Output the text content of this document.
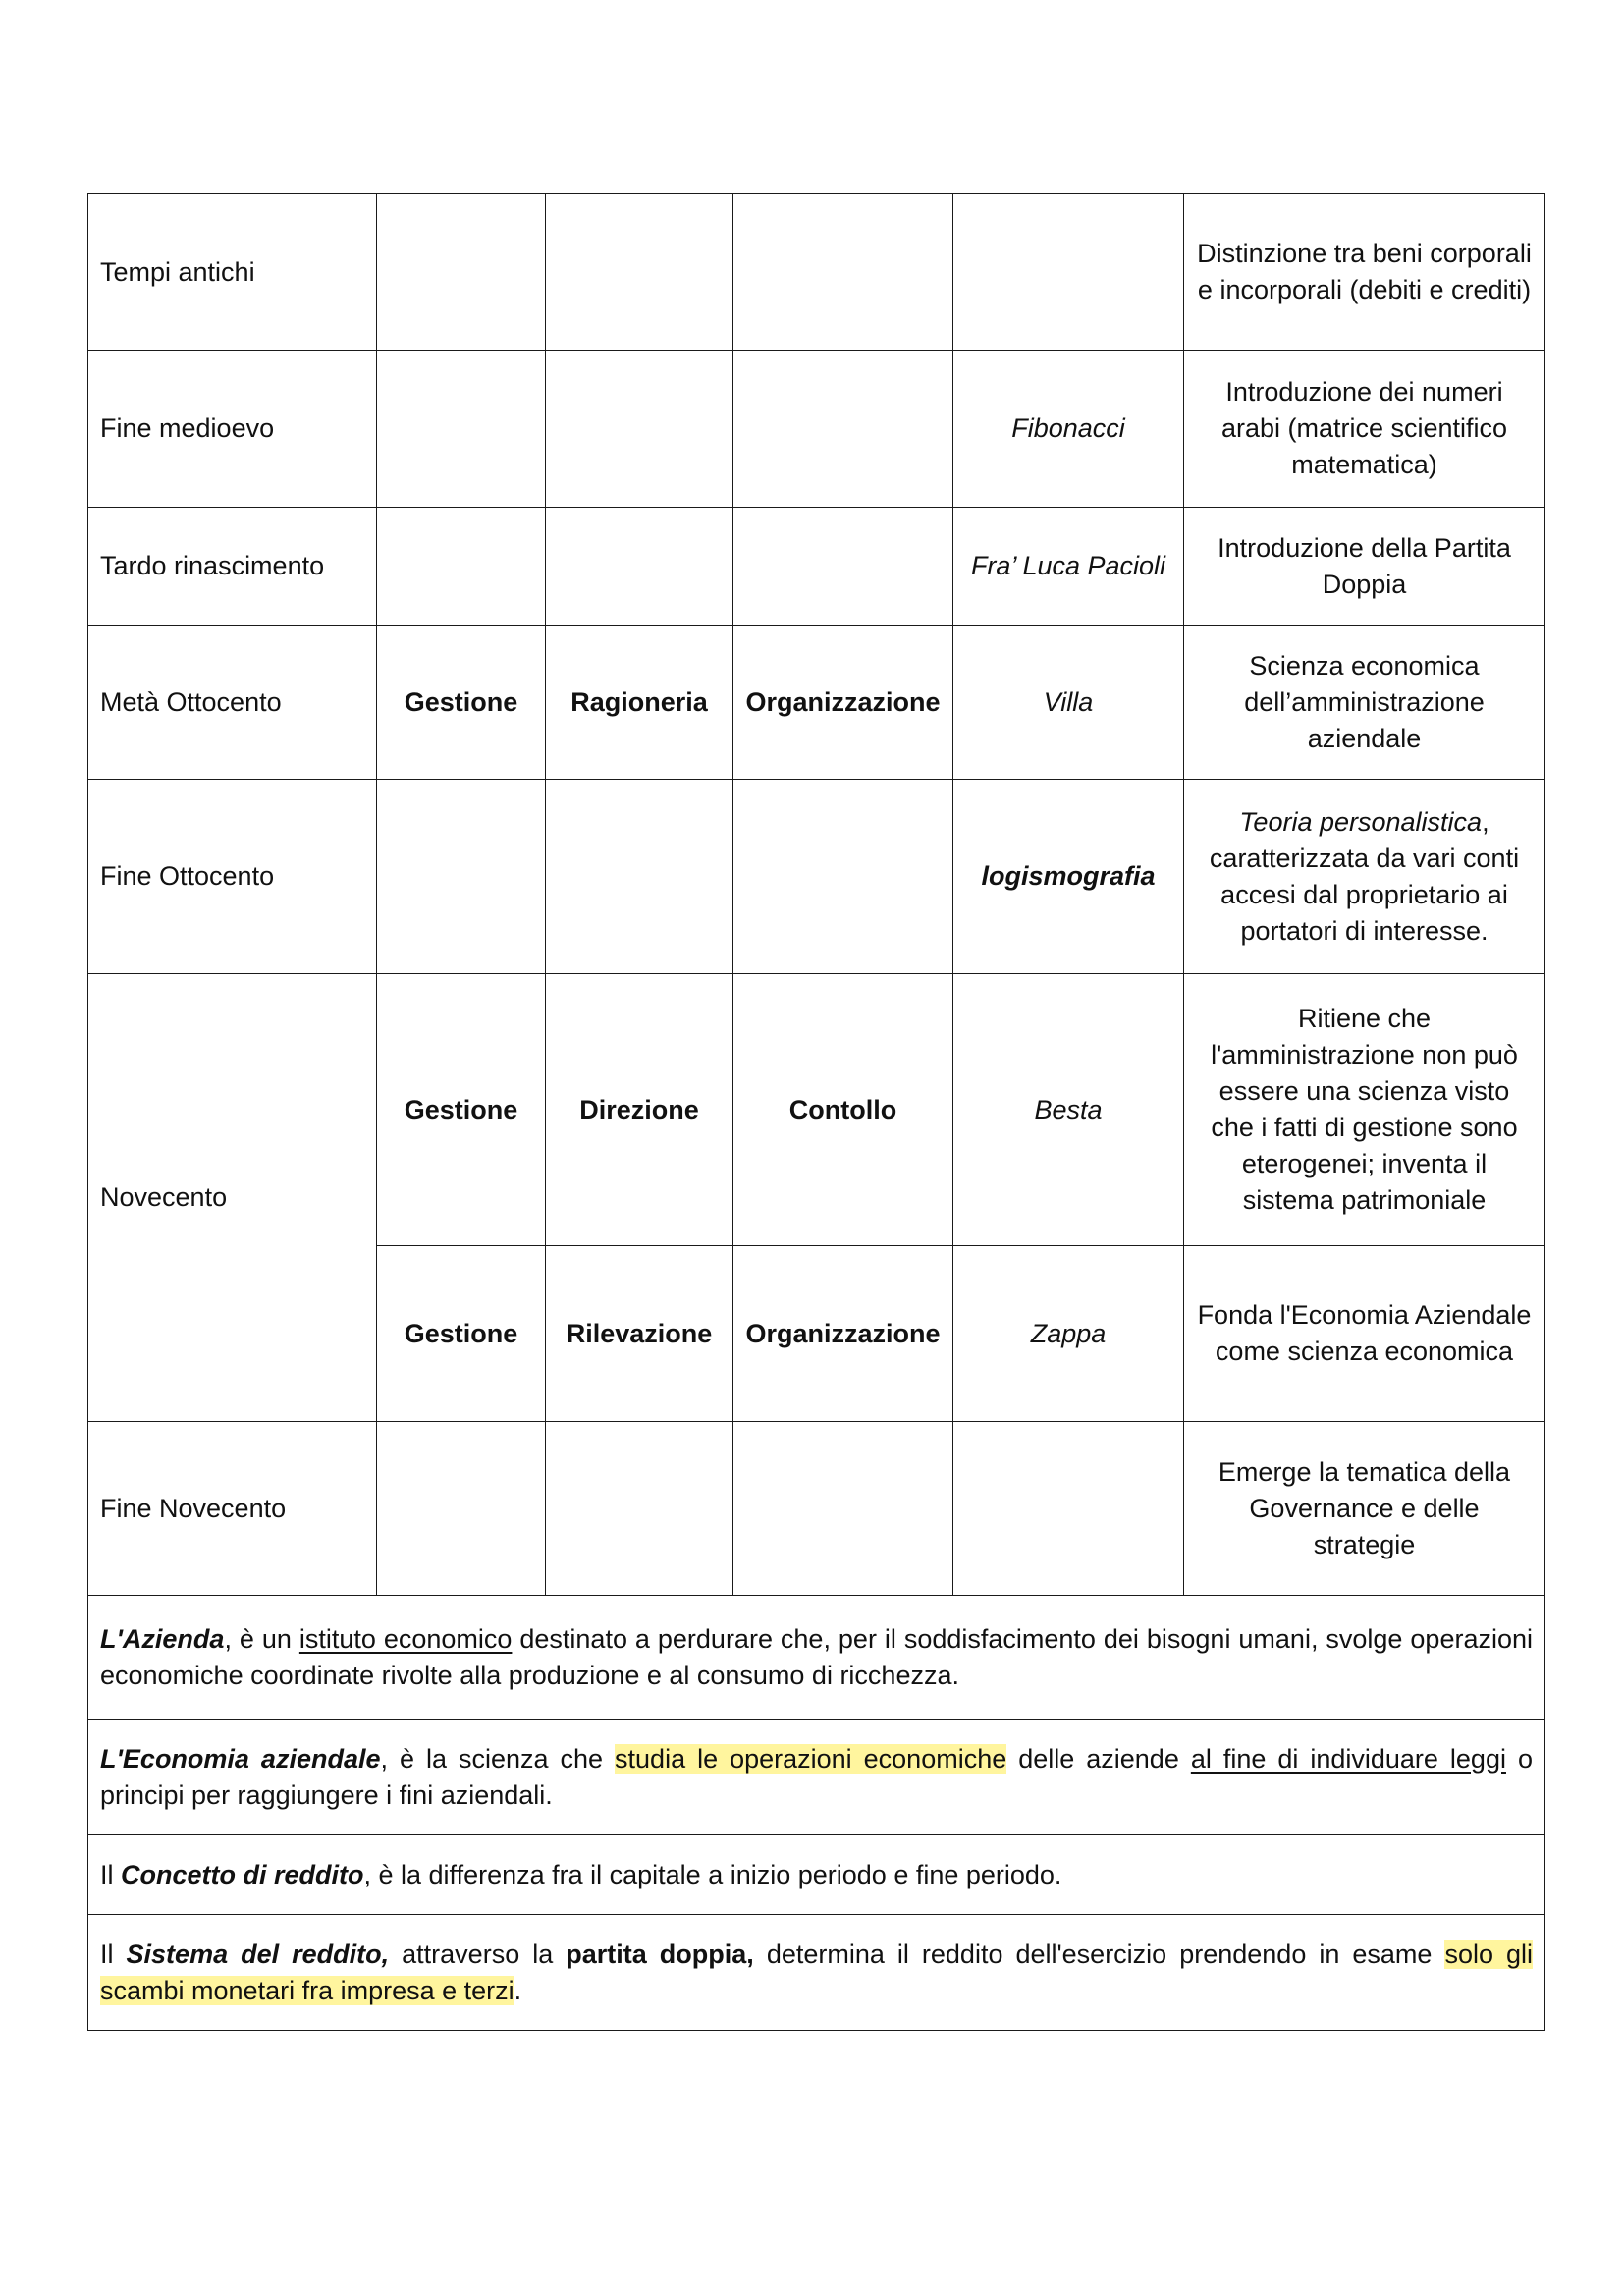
Tempi antichi					Distinzione tra beni corporali e incorporali (debiti e crediti)
Fine medioevo				Fibonacci	Introduzione dei numeri arabi (matrice scientifico matematica)
Tardo rinascimento				Fra’ Luca Pacioli	Introduzione della Partita Doppia
Metà Ottocento	Gestione	Ragioneria	Organizzazione	Villa	Scienza economica dell’amministrazione aziendale
Fine Ottocento				logismografia	Teoria personalistica, caratterizzata da vari conti accesi dal proprietario ai portatori di interesse.
Novecento	Gestione	Direzione	Contollo	Besta	Ritiene che l'amministrazione non può essere una scienza visto che i fatti di gestione sono eterogenei; inventa il sistema patrimoniale
	Gestione	Rilevazione	Organizzazione	Zappa	Fonda l'Economia Aziendale come scienza economica
Fine Novecento					Emerge la tematica della Governance e delle strategie
L'Azienda, è un istituto economico destinato a perdurare che, per il soddisfacimento dei bisogni umani, svolge operazioni economiche coordinate rivolte alla produzione e al consumo di ricchezza.					
L'Economia aziendale, è la scienza che studia le operazioni economiche delle aziende al fine di individuare leggi o principi per raggiungere i fini aziendali.					
Il Concetto di reddito, è la differenza fra il capitale a inizio periodo e fine periodo.					
Il Sistema del reddito, attraverso la partita doppia, determina il reddito dell'esercizio prendendo in esame solo gli scambi monetari fra impresa e terzi.					
